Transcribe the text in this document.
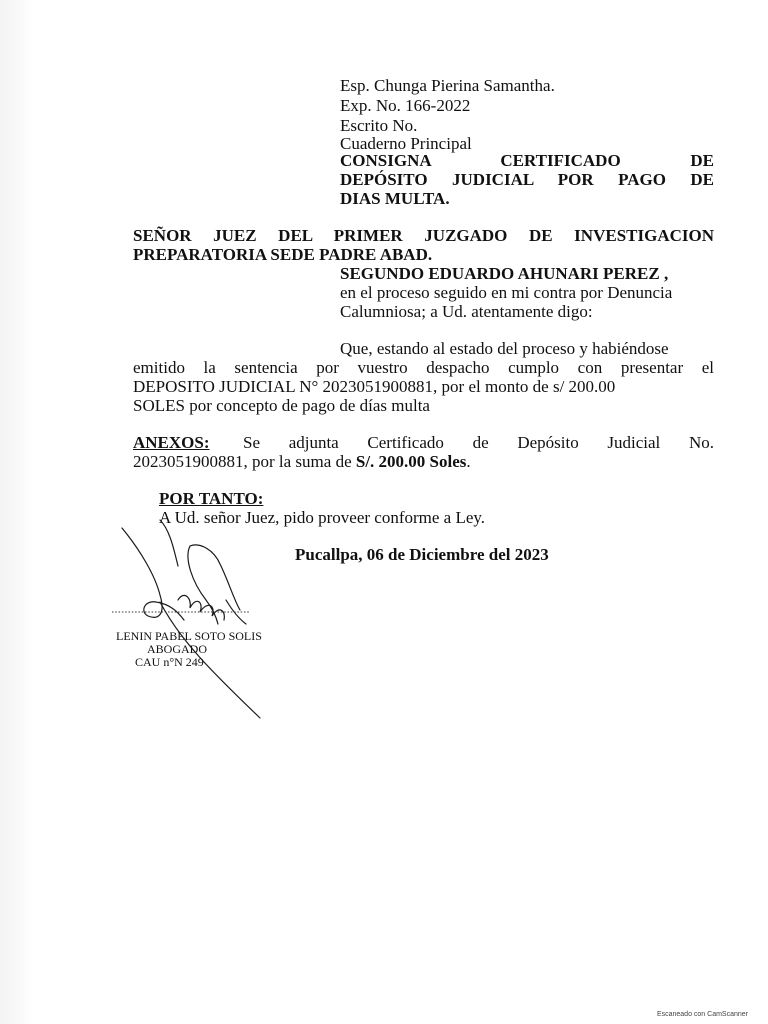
Esp. Chunga Pierina Samantha.
Exp. No. 166-2022
Escrito No.
Cuaderno Principal
CONSIGNA CERTIFICADO DE
DEPÓSITO JUDICIAL POR PAGO DE
DIAS MULTA.
SEÑOR JUEZ DEL PRIMER JUZGADO DE INVESTIGACION
PREPARATORIA SEDE PADRE ABAD.
SEGUNDO EDUARDO AHUNARI PEREZ ,
en el proceso seguido en mi contra por Denuncia
Calumniosa; a Ud. atentamente digo:
Que, estando al estado del proceso y habiéndose
emitido la sentencia por vuestro despacho cumplo con presentar el
DEPOSITO JUDICIAL N° 2023051900881, por el monto de s/ 200.00
SOLES por concepto de pago de días multa
ANEXOS: Se adjunta Certificado de Depósito Judicial No.
2023051900881, por la suma de S/. 200.00 Soles.
POR TANTO:
A Ud. señor Juez, pido proveer conforme a Ley.
Pucallpa, 06 de Diciembre del 2023
LENIN PABEL SOTO SOLIS
ABOGADO
CAU n°N 249
Escaneado con CamScanner
